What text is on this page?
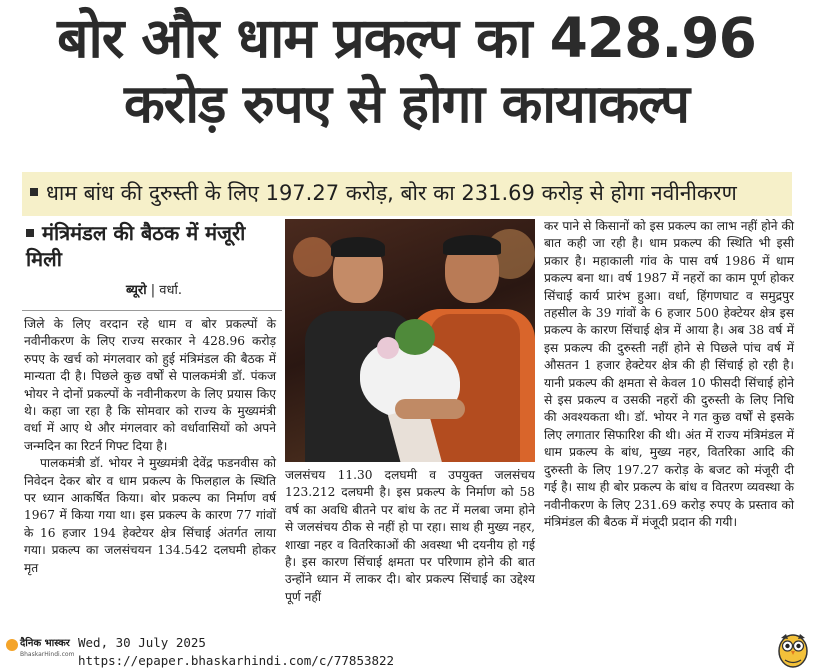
बोर और धाम प्रकल्प का 428.96
करोड़ रुपए से होगा कायाकल्प
धाम बांध की दुरुस्ती के लिए 197.27 करोड़, बोर का 231.69 करोड़ से होगा नवीनीकरण
मंत्रिमंडल की बैठक में मंजूरी मिली
ब्यूरो | वर्धा.

जिले के लिए वरदान रहे धाम व बोर प्रकल्पों के नवीनीकरण के लिए राज्य सरकार ने 428.96 करोड़ रुपए के खर्च को मंगलवार को हुई मंत्रिमंडल की बैठक में मान्यता दी है। पिछले कुछ वर्षों से पालकमंत्री डॉ. पंकज भोयर ने दोनों प्रकल्पों के नवीनीकरण के लिए प्रयास किए थे। कहा जा रहा है कि सोमवार को राज्य के मुख्यमंत्री वर्धा में आए थे और मंगलवार को वर्धावासियों को अपने जन्मदिन का रिटर्न गिफ्ट दिया है।

पालकमंत्री डॉ. भोयर ने मुख्यमंत्री देवेंद्र फडनवीस को निवेदन देकर बोर व धाम प्रकल्प के फिलहाल के स्थिति पर ध्यान आकर्षित किया। बोर प्रकल्प का निर्माण वर्ष 1967 में किया गया था। इस प्रकल्प के कारण 77 गांवों के 16 हजार 194 हेक्टेयर क्षेत्र सिंचाई अंतर्गत लाया गया। प्रकल्प का जलसंचयन 134.542 दलघमी होकर मृत

जलसंचय 11.30 दलघमी व उपयुक्त जलसंचय 123.212 दलघमी है। इस प्रकल्प के निर्माण को 58 वर्ष का अवधि बीतने पर बांध के तट में मलबा जमा होने से जलसंचय ठीक से नहीं हो पा रहा। साथ ही मुख्य नहर, शाखा नहर व वितरिकाओं की अवस्था भी दयनीय हो गई है। इस कारण सिंचाई क्षमता पर परिणाम होने की बात उन्होंने ध्यान में लाकर दी। बोर प्रकल्प सिंचाई का उद्देश्य पूर्ण नहीं

कर पाने से किसानों को इस प्रकल्प का लाभ नहीं होने की बात कही जा रही है। धाम प्रकल्प की स्थिति भी इसी प्रकार है। महाकाली गांव के पास वर्ष 1986 में धाम प्रकल्प बना था। वर्ष 1987 में नहरों का काम पूर्ण होकर सिंचाई कार्य प्रारंभ हुआ। वर्धा, हिंगणघाट व समुद्रपुर तहसील के 39 गांवों के 6 हजार 500 हेक्टेयर क्षेत्र इस प्रकल्प के कारण सिंचाई क्षेत्र में आया है। अब 38 वर्ष में इस प्रकल्प की दुरुस्ती नहीं होने से पिछले पांच वर्ष में औसतन 1 हजार हेक्टेयर क्षेत्र की ही सिंचाई हो रही है। यानी प्रकल्प की क्षमता से केवल 10 फीसदी सिंचाई होने से इस प्रकल्प व उसकी नहरों की दुरुस्ती के लिए निधि की अवश्यकता थी। डॉ. भोयर ने गत कुछ वर्षों से इसके लिए लगातार सिफारिश की थी। अंत में राज्य मंत्रिमंडल में धाम प्रकल्प के बांध, मुख्य नहर, वितरिका आदि की दुरुस्ती के लिए 197.27 करोड़ के बजट को मंजूरी दी गई है। साथ ही बोर प्रकल्प के बांध व वितरण व्यवस्था के नवीनीकरण के लिए 231.69 करोड़ रुपए के प्रस्ताव को मंत्रिमंडल की बैठक में मंजूदी प्रदान की गयी।

दैनिक भास्कर
BhaskarHindi.com
Wed, 30 July 2025
https://epaper.bhaskarhindi.com/c/77853822
